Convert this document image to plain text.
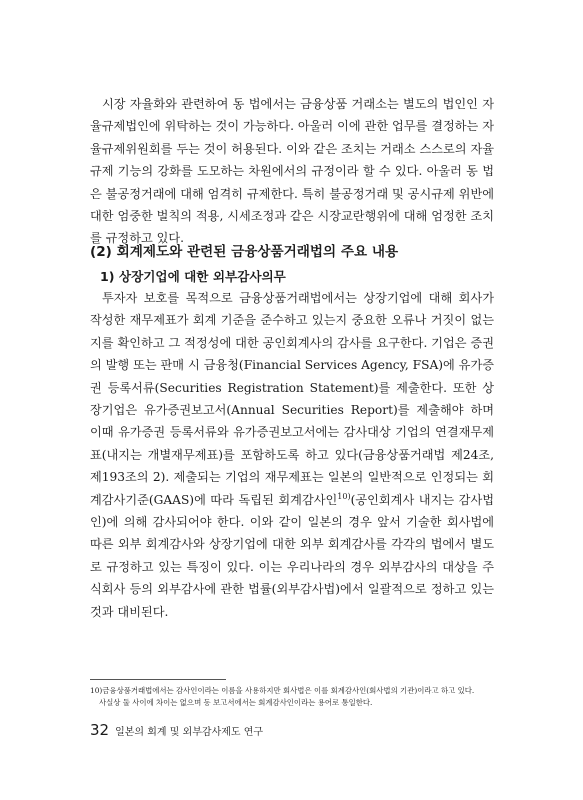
시장 자율화와 관련하여 동 법에서는 금융상품 거래소는 별도의 법인인 자율규제법인에 위탁하는 것이 가능하다. 아울러 이에 관한 업무를 결정하는 자율규제위원회를 두는 것이 허용된다. 이와 같은 조치는 거래소 스스로의 자율규제 기능의 강화를 도모하는 차원에서의 규정이라 할 수 있다. 아울러 동 법은 불공정거래에 대해 엄격히 규제한다. 특히 불공정거래 및 공시규제 위반에 대한 엄중한 벌칙의 적용, 시세조정과 같은 시장교란행위에 대해 엄정한 조치를 규정하고 있다.

(2) 회계제도와 관련된 금융상품거래법의 주요 내용
1) 상장기업에 대한 외부감사의무

투자자 보호를 목적으로 금융상품거래법에서는 상장기업에 대해 회사가 작성한 재무제표가 회계 기준을 준수하고 있는지 중요한 오류나 거짓이 없는지를 확인하고 그 적정성에 대한 공인회계사의 감사를 요구한다. 기업은 증권의 발행 또는 판매 시 금융청(Financial Services Agency, FSA)에 유가증권 등록서류(Securities Registration Statement)를 제출한다. 또한 상장기업은 유가증권보고서(Annual Securities Report)를 제출해야 하며 이때 유가증권 등록서류와 유가증권보고서에는 감사대상 기업의 연결재무제표(내지는 개별재무제표)를 포함하도록 하고 있다(금융상품거래법 제24조, 제193조의 2). 제출되는 기업의 재무제표는 일본의 일반적으로 인정되는 회계감사기준(GAAS)에 따라 독립된 회계감사인$^{10)}$(공인회계사 내지는 감사법인)에 의해 감사되어야 한다. 이와 같이 일본의 경우 앞서 기술한 회사법에 따른 외부 회계감사와 상장기업에 대한 외부 회계감사를 각각의 법에서 별도로 규정하고 있는 특징이 있다. 이는 우리나라의 경우 외부감사의 대상을 주식회사 등의 외부감사에 관한 법률(외부감사법)에서 일괄적으로 정하고 있는 것과 대비된다.

10)금융상품거래법에서는 감사인이라는 이름을 사용하지만 회사법은 이를 회계감사인(회사법의 기관)이라고 하고 있다.
사실상 둘 사이에 차이는 없으며 동 보고서에서는 회계감사인이라는 용어로 통일한다.

32 일본의 회계 및 외부감사제도 연구
